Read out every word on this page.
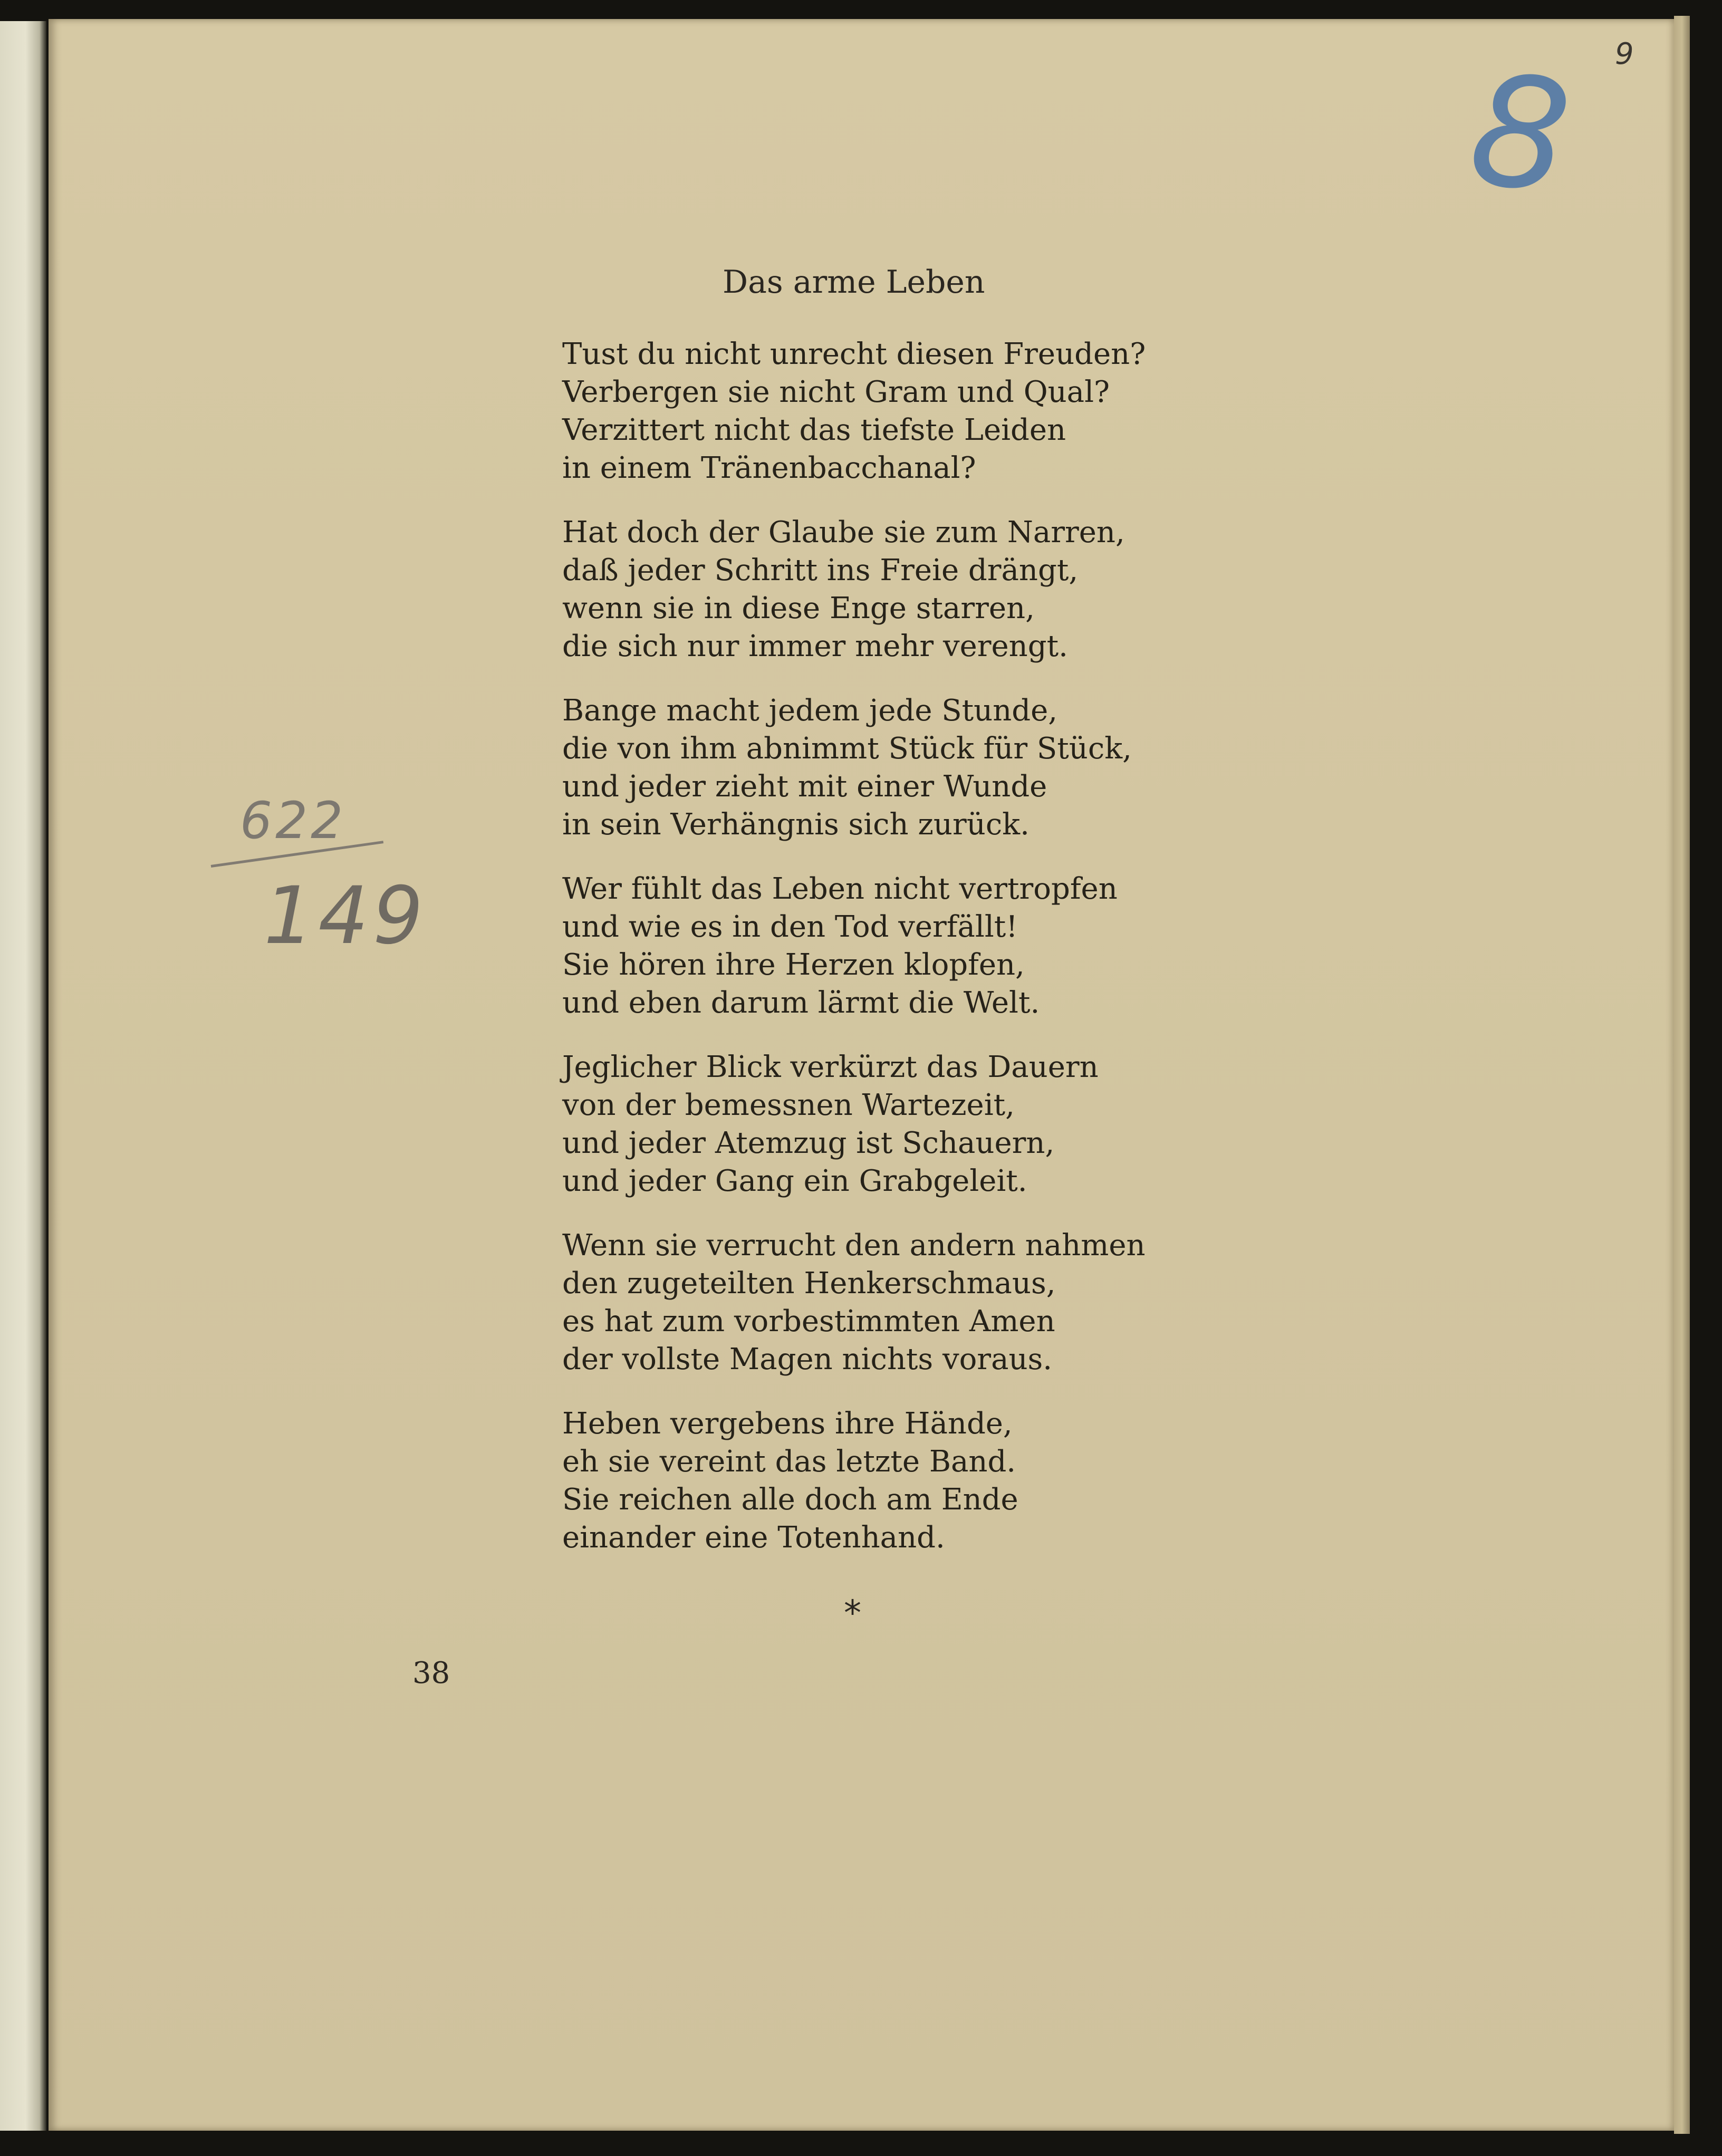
9
8
Das arme Leben
Tust du nicht unrecht diesen Freuden?
Verbergen sie nicht Gram und Qual?
Verzittert nicht das tiefste Leiden
in einem Tränenbacchanal?
Hat doch der Glaube sie zum Narren,
daß jeder Schritt ins Freie drängt,
wenn sie in diese Enge starren,
die sich nur immer mehr verengt.
Bange macht jedem jede Stunde,
die von ihm abnimmt Stück für Stück,
und jeder zieht mit einer Wunde
in sein Verhängnis sich zurück.
Wer fühlt das Leben nicht vertropfen
und wie es in den Tod verfällt!
Sie hören ihre Herzen klopfen,
und eben darum lärmt die Welt.
Jeglicher Blick verkürzt das Dauern
von der bemessnen Wartezeit,
und jeder Atemzug ist Schauern,
und jeder Gang ein Grabgeleit.
Wenn sie verrucht den andern nahmen
den zugeteilten Henkerschmaus,
es hat zum vorbestimmten Amen
der vollste Magen nichts voraus.
Heben vergebens ihre Hände,
eh sie vereint das letzte Band.
Sie reichen alle doch am Ende
einander eine Totenhand.
*
622
149
38
